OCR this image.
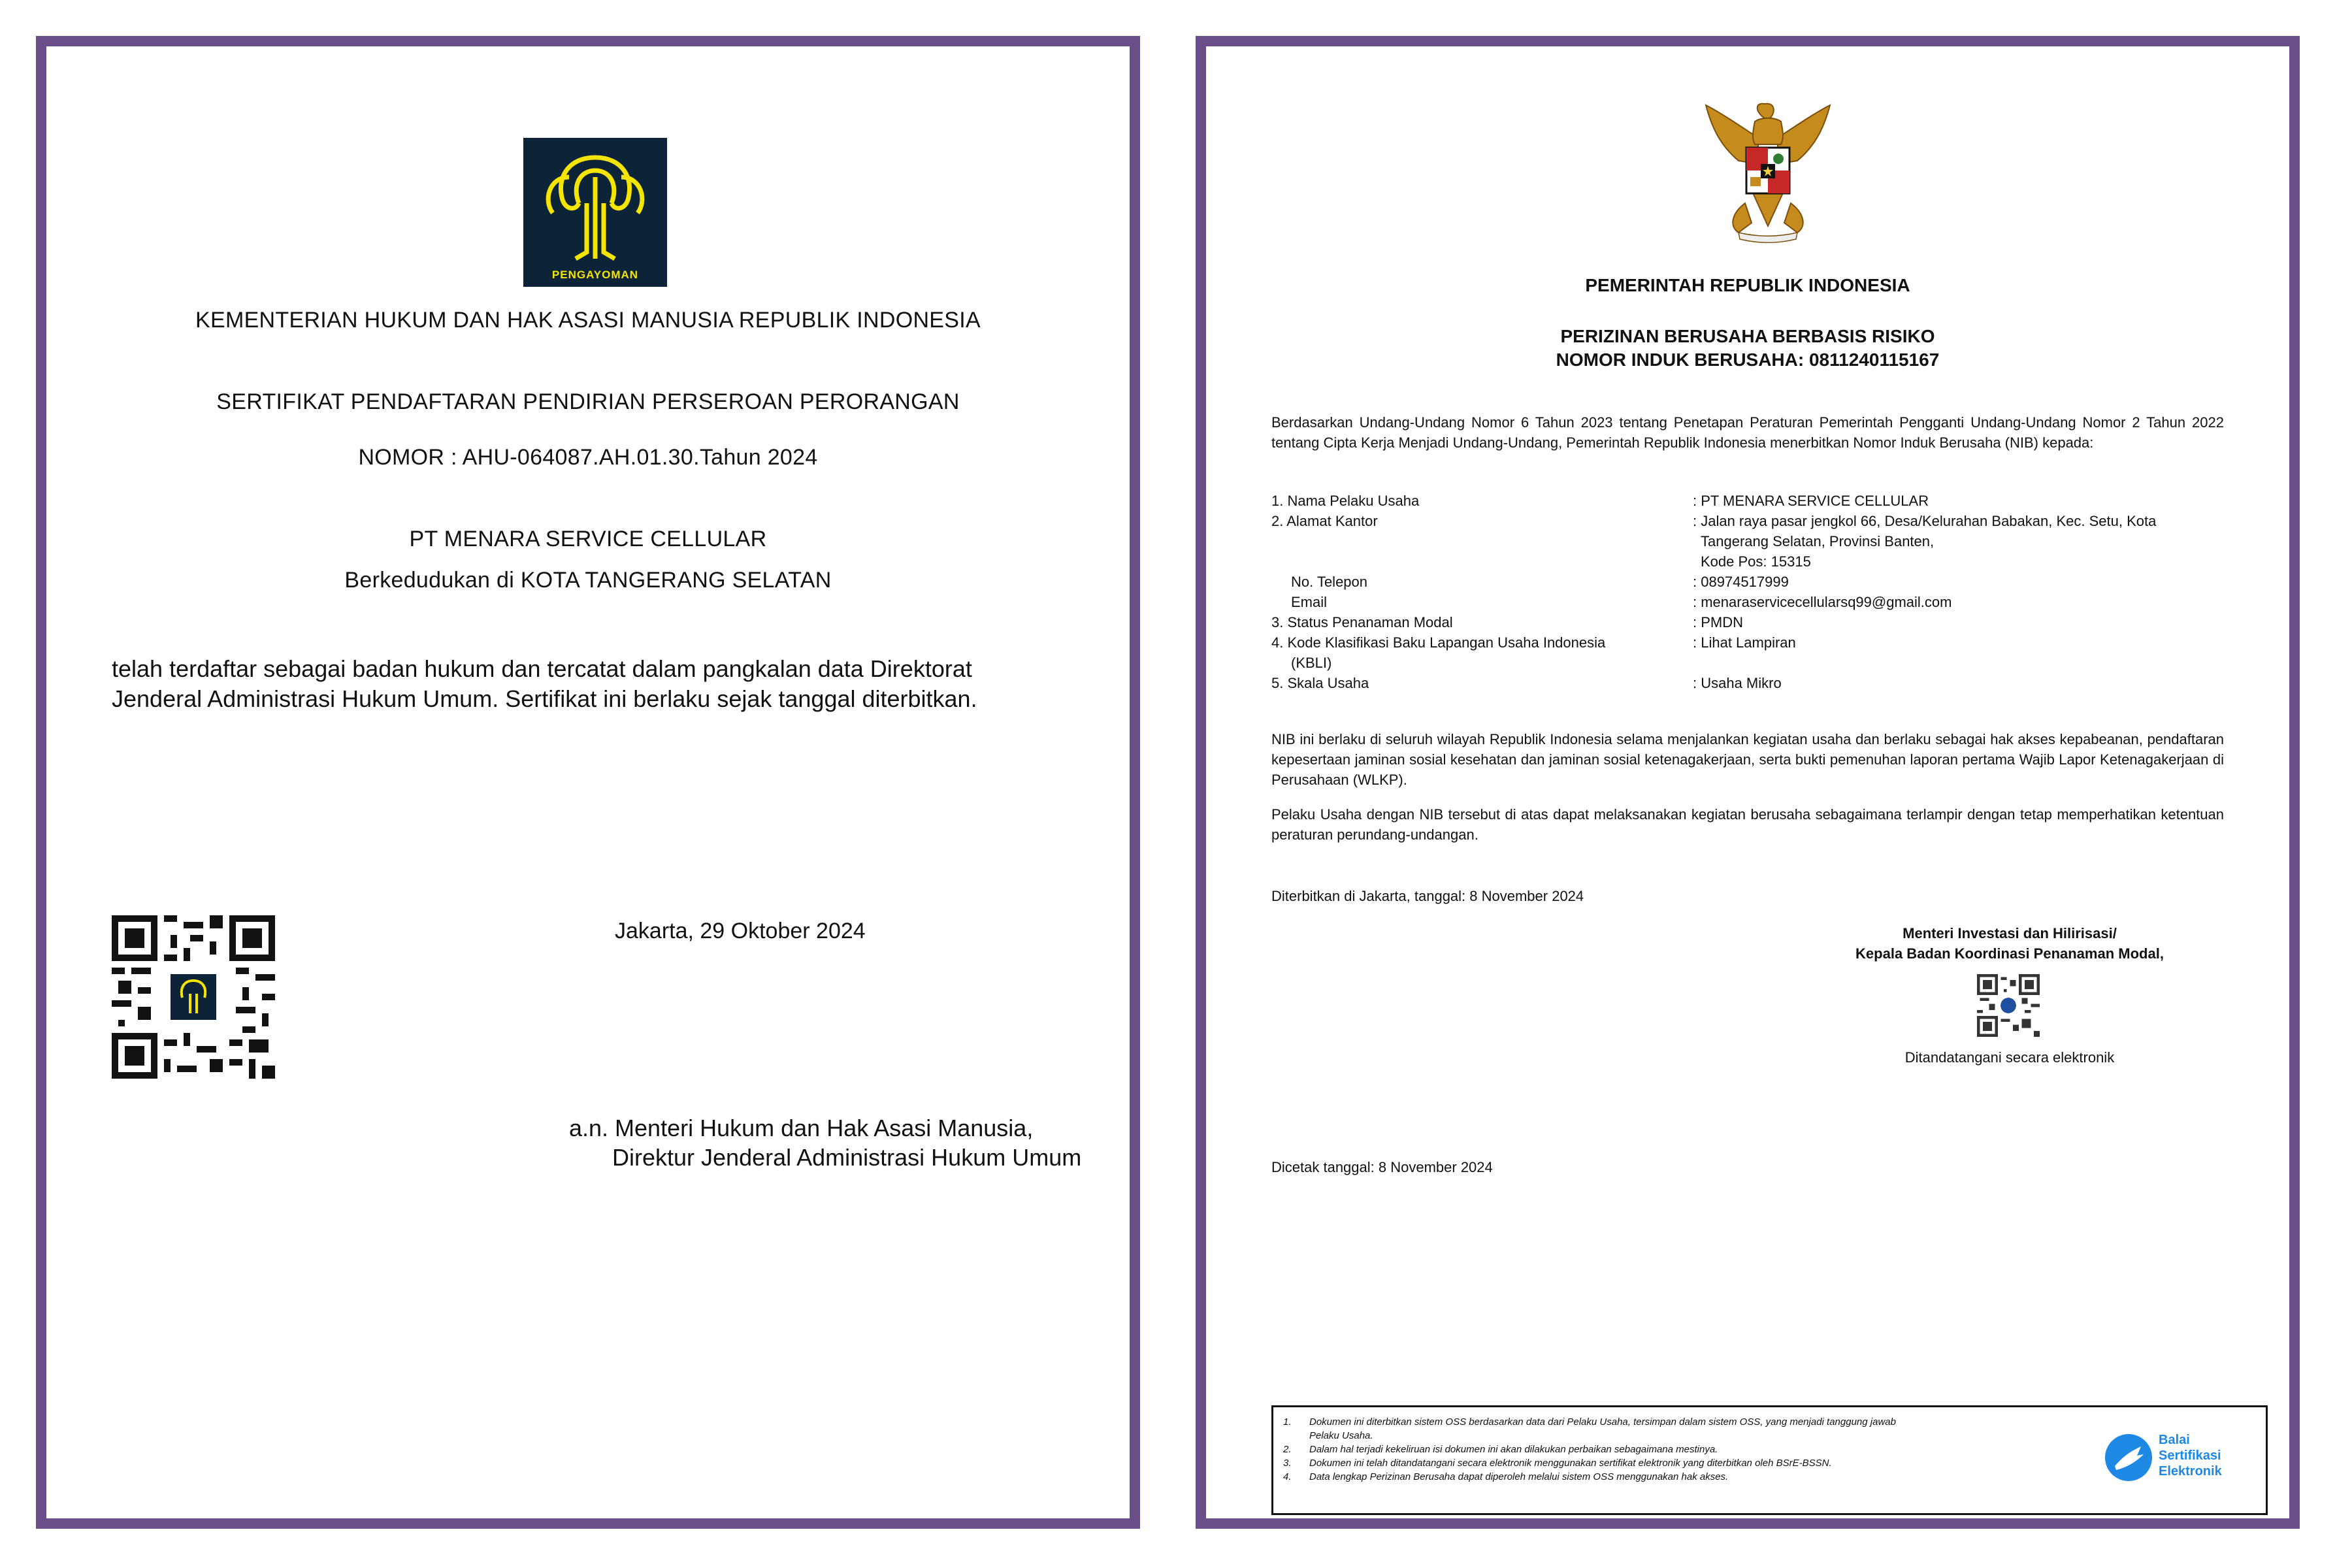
PENGAYOMAN
KEMENTERIAN HUKUM DAN HAK ASASI MANUSIA REPUBLIK INDONESIA
SERTIFIKAT PENDAFTARAN PENDIRIAN PERSEROAN PERORANGAN
NOMOR : AHU-064087.AH.01.30.Tahun 2024
PT MENARA SERVICE CELLULAR
Berkedudukan di KOTA TANGERANG SELATAN
telah terdaftar sebagai badan hukum dan tercatat dalam pangkalan data Direktorat Jenderal Administrasi Hukum Umum. Sertifikat ini berlaku sejak tanggal diterbitkan.
Jakarta, 29 Oktober 2024
a.n. Menteri Hukum dan Hak Asasi Manusia,
Direktur Jenderal Administrasi Hukum Umum
PEMERINTAH REPUBLIK INDONESIA
PERIZINAN BERUSAHA BERBASIS RISIKO
NOMOR INDUK BERUSAHA: 0811240115167
Berdasarkan Undang-Undang Nomor 6 Tahun 2023 tentang Penetapan Peraturan Pemerintah Pengganti Undang-Undang Nomor 2 Tahun 2022 tentang Cipta Kerja Menjadi Undang-Undang, Pemerintah Republik Indonesia menerbitkan Nomor Induk Berusaha (NIB) kepada:
1. Nama Pelaku Usaha	: PT MENARA SERVICE CELLULAR
2. Alamat Kantor	: Jalan raya pasar jengkol 66, Desa/Kelurahan Babakan, Kec. Setu, Kota
Tangerang Selatan, Provinsi Banten,
Kode Pos: 15315
No. Telepon	: 08974517999
Email	: menaraservicecellularsq99@gmail.com
3. Status Penanaman Modal	: PMDN
4. Kode Klasifikasi Baku Lapangan Usaha Indonesia
(KBLI)
: Lihat Lampiran
5. Skala Usaha	: Usaha Mikro
NIB ini berlaku di seluruh wilayah Republik Indonesia selama menjalankan kegiatan usaha dan berlaku sebagai hak akses kepabeanan, pendaftaran kepesertaan jaminan sosial kesehatan dan jaminan sosial ketenagakerjaan, serta bukti pemenuhan laporan pertama Wajib Lapor Ketenagakerjaan di Perusahaan (WLKP).
Pelaku Usaha dengan NIB tersebut di atas dapat melaksanakan kegiatan berusaha sebagaimana terlampir dengan tetap memperhatikan ketentuan peraturan perundang-undangan.
Diterbitkan di Jakarta, tanggal: 8 November 2024
Menteri Investasi dan Hilirisasi/
Kepala Badan Koordinasi Penanaman Modal,
Ditandatangani secara elektronik
Dicetak tanggal: 8 November 2024
1. Dokumen ini diterbitkan sistem OSS berdasarkan data dari Pelaku Usaha, tersimpan dalam sistem OSS, yang menjadi tanggung jawab
Pelaku Usaha.
2. Dalam hal terjadi kekeliruan isi dokumen ini akan dilakukan perbaikan sebagaimana mestinya.
3. Dokumen ini telah ditandatangani secara elektronik menggunakan sertifikat elektronik yang diterbitkan oleh BSrE-BSSN.
4. Data lengkap Perizinan Berusaha dapat diperoleh melalui sistem OSS menggunakan hak akses.
Balai
Sertifikasi
Elektronik
